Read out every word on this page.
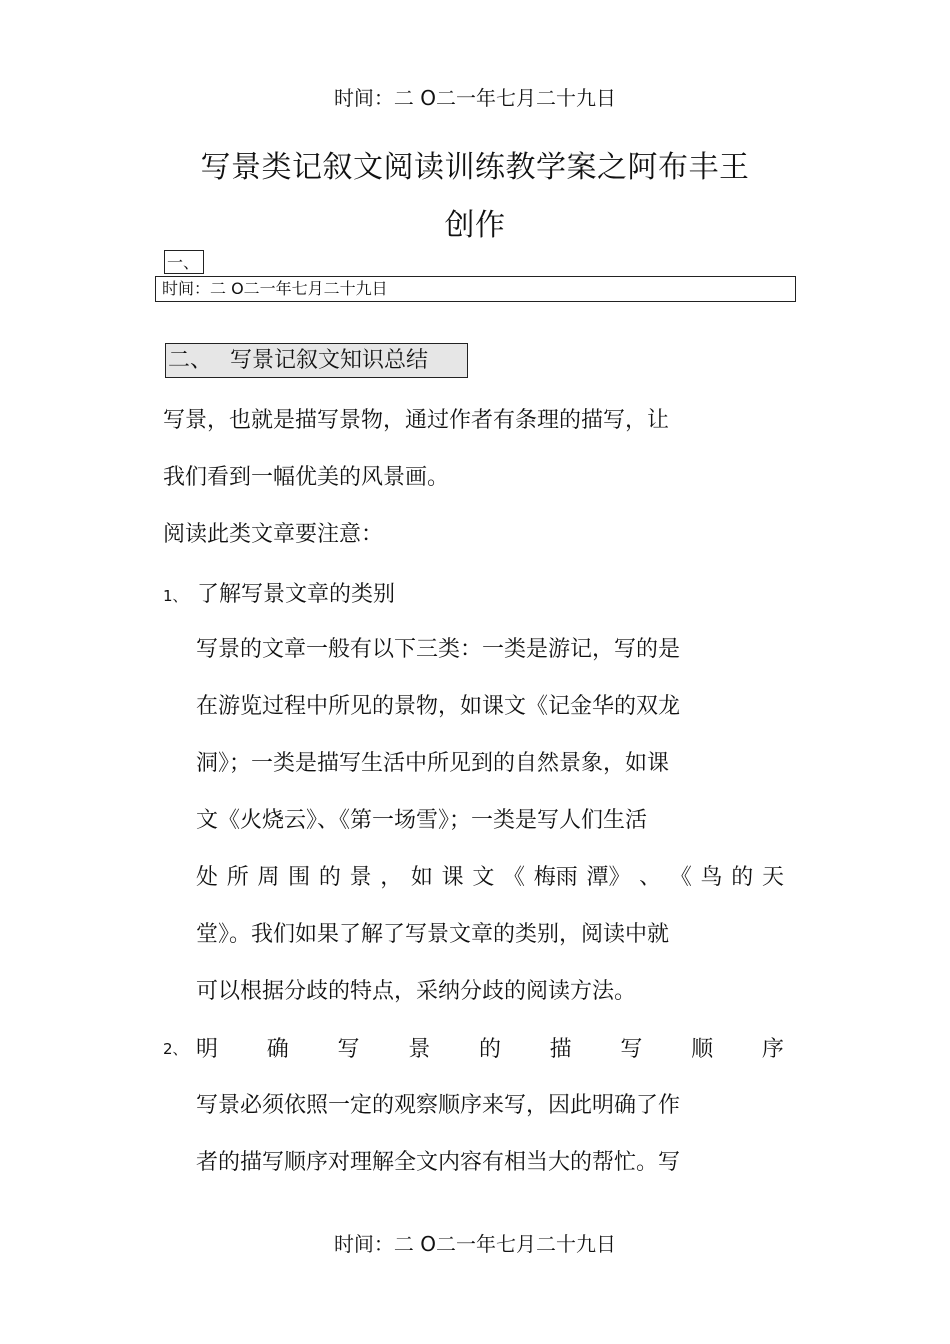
时间：二 O二一年七月二十九日
写景类记叙文阅读训练教学案之阿布丰王
创作
一、
时间：二 O二一年七月二十九日
二、 写景记叙文知识总结
写景，也就是描写景物，通过作者有条理的描写，让
我们看到一幅优美的风景画。
阅读此类文章要注意：
1、 了解写景文章的类别
写景的文章一般有以下三类：一类是游记，写的是
在游览过程中所见的景物，如课文《记金华的双龙
洞》；一类是描写生活中所见到的自然景象，如课
文《火烧云》、《第一场雪》；一类是写人们生活
处 所 周 围 的 景 ， 如 课 文 《 梅雨 潭》 、 《 鸟 的 天
堂》。我们如果了解了写景文章的类别，阅读中就
可以根据分歧的特点，采纳分歧的阅读方法。
2、 明 确 写 景 的 描 写 顺 序
写景必须依照一定的观察顺序来写，因此明确了作
者的描写顺序对理解全文内容有相当大的帮忙。写
时间：二 O二一年七月二十九日
